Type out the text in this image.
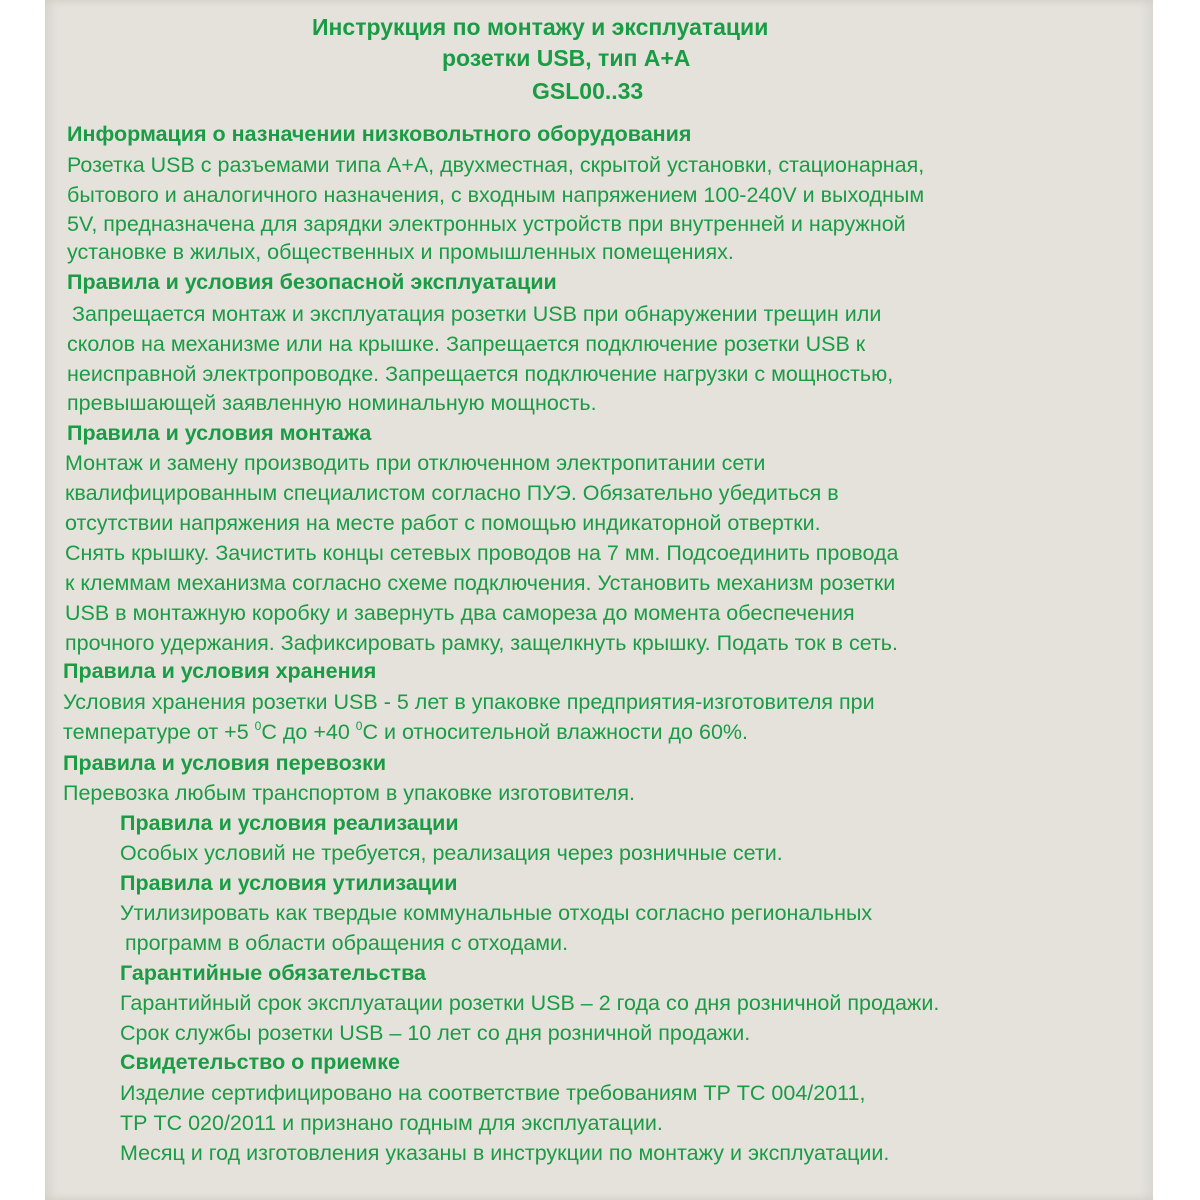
Инструкция по монтажу и эксплуатации
розетки USB, тип A+A
GSL00..33
Информация о назначении низковольтного оборудования
Розетка USB с разъемами типа A+A, двухместная, скрытой установки, стационарная,
бытового и аналогичного назначения, с входным напряжением 100-240V и выходным
5V, предназначена для зарядки электронных устройств при внутренней и наружной
установке в жилых, общественных и промышленных помещениях.
Правила и условия безопасной эксплуатации
Запрещается монтаж и эксплуатация розетки USB при обнаружении трещин или
сколов на механизме или на крышке. Запрещается подключение розетки USB к
неисправной электропроводке. Запрещается подключение нагрузки с мощностью,
превышающей заявленную номинальную мощность.
Правила и условия монтажа
Монтаж и замену производить при отключенном электропитании сети
квалифицированным специалистом согласно ПУЭ. Обязательно убедиться в
отсутствии напряжения на месте работ с помощью индикаторной отвертки.
Снять крышку. Зачистить концы сетевых проводов на 7 мм. Подсоединить провода
к клеммам механизма согласно схеме подключения. Установить механизм розетки
USB в монтажную коробку и завернуть два самореза до момента обеспечения
прочного удержания. Зафиксировать рамку, защелкнуть крышку. Подать ток в сеть.
Правила и условия хранения
Условия хранения розетки USB - 5 лет в упаковке предприятия-изготовителя при
температуре от +5 $^0$С до +40 $^0$С и относительной влажности до 60%.
Правила и условия перевозки
Перевозка любым транспортом в упаковке изготовителя.
Правила и условия реализации
Особых условий не требуется, реализация через розничные сети.
Правила и условия утилизации
Утилизировать как твердые коммунальные отходы согласно региональных
программ в области обращения с отходами.
Гарантийные обязательства
Гарантийный срок эксплуатации розетки USB – 2 года со дня розничной продажи.
Срок службы розетки USB – 10 лет со дня розничной продажи.
Свидетельство о приемке
Изделие сертифицировано на соответствие требованиям ТР ТС 004/2011,
ТР ТС 020/2011 и признано годным для эксплуатации.
Месяц и год изготовления указаны в инструкции по монтажу и эксплуатации.
